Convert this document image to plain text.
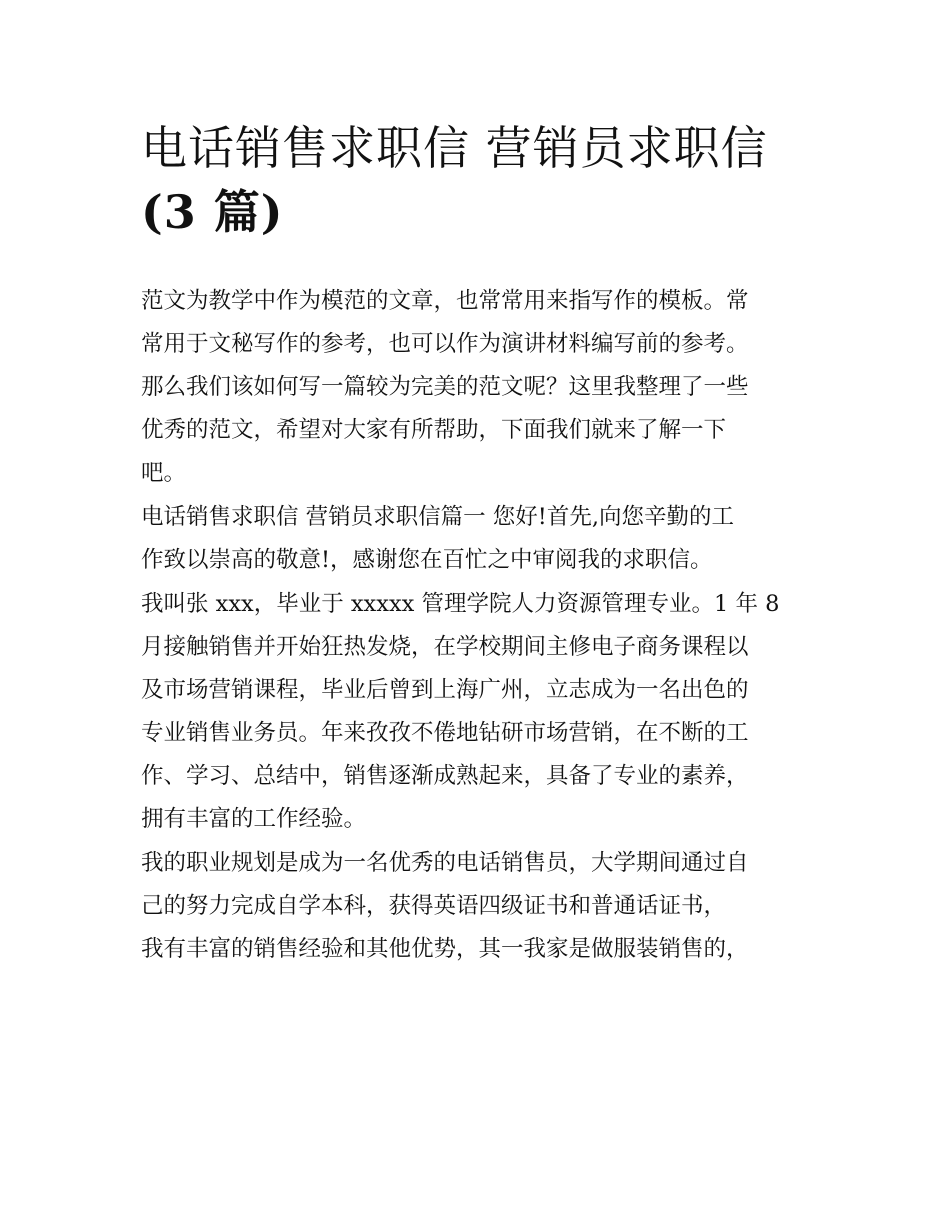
电话销售求职信 营销员求职信
(3 篇)

范文为教学中作为模范的文章，也常常用来指写作的模板。常
常用于文秘写作的参考，也可以作为演讲材料编写前的参考。
那么我们该如何写一篇较为完美的范文呢？这里我整理了一些
优秀的范文，希望对大家有所帮助，下面我们就来了解一下
吧。

电话销售求职信 营销员求职信篇一 您好!首先,向您辛勤的工
作致以崇高的敬意!，感谢您在百忙之中审阅我的求职信。

我叫张 xxx，毕业于 xxxxx 管理学院人力资源管理专业。1 年 8
月接触销售并开始狂热发烧，在学校期间主修电子商务课程以
及市场营销课程，毕业后曾到上海广州，立志成为一名出色的
专业销售业务员。年来孜孜不倦地钻研市场营销，在不断的工
作、学习、总结中，销售逐渐成熟起来，具备了专业的素养，
拥有丰富的工作经验。

我的职业规划是成为一名优秀的电话销售员，大学期间通过自
己的努力完成自学本科，获得英语四级证书和普通话证书，
我有丰富的销售经验和其他优势，其一我家是做服装销售的，
